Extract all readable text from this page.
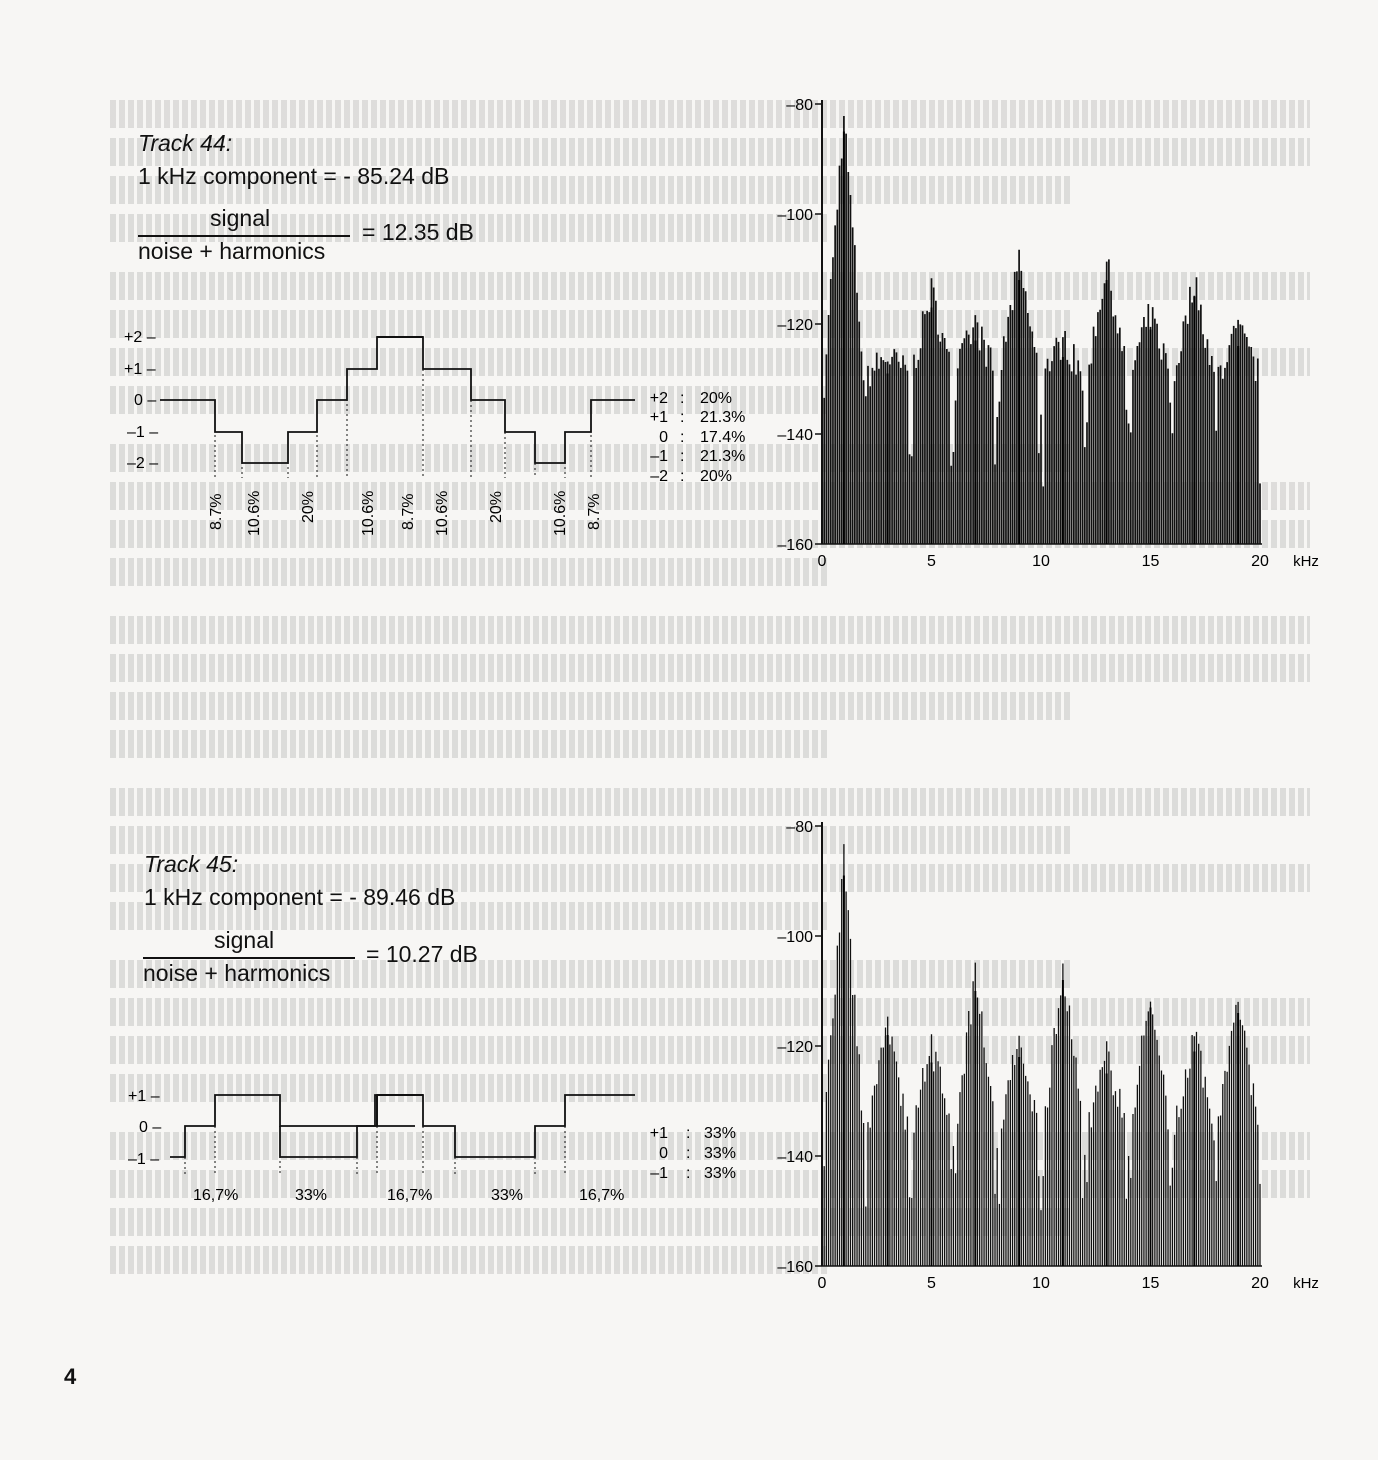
Track 44:
1 kHz component = - 85.24 dB
signal
noise + harmonics
= 12.35 dB
+2 –
+1 –
0 –
–1 –
–2 –
8.7% 10.6% 20%	10.6% 8.7% 10.6% 20%	10.6% 8.7%
+2 : 20%
+1 : 21.3%
0 : 17.4%
–1 : 21.3%
–2 : 20%
–80
–100
–120
–140
–160
0	5	10	15	20 kHz
Track 45:
1 kHz component = - 89.46 dB
signal
noise + harmonics
= 10.27 dB
+1 –
0 –
–1 –
16,7%	33%	16,7%	33%	16,7%
+1 : 33%
0 : 33%
–1 : 33%
–80
–100
–120
–140
–160
0	5	10	15	20 kHz
4
